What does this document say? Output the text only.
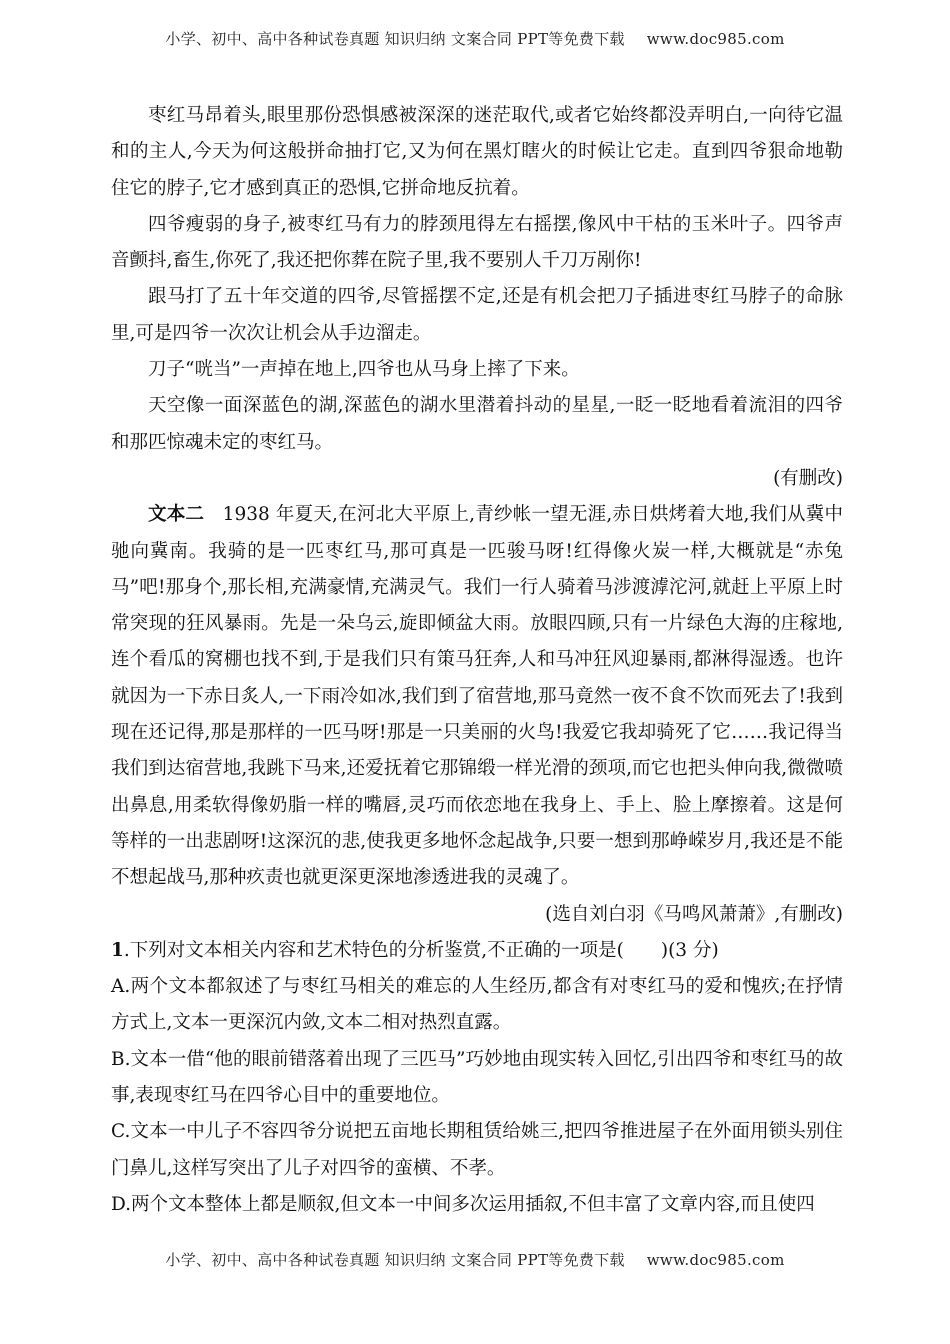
小学、初中、高中各种试卷真题 知识归纳 文案合同 PPT等免费下载 www.doc985.com

枣红马昂着头,眼里那份恐惧感被深深的迷茫取代,或者它始终都没弄明白,一向待它温和的主人,今天为何这般拼命抽打它,又为何在黑灯瞎火的时候让它走。直到四爷狠命地勒住它的脖子,它才感到真正的恐惧,它拼命地反抗着。

四爷瘦弱的身子,被枣红马有力的脖颈甩得左右摇摆,像风中干枯的玉米叶子。四爷声音颤抖,畜生,你死了,我还把你葬在院子里,我不要别人千刀万剐你!

跟马打了五十年交道的四爷,尽管摇摆不定,还是有机会把刀子插进枣红马脖子的命脉里,可是四爷一次次让机会从手边溜走。

刀子“咣当”一声掉在地上,四爷也从马身上摔了下来。

天空像一面深蓝色的湖,深蓝色的湖水里潜着抖动的星星,一眨一眨地看着流泪的四爷和那匹惊魂未定的枣红马。

(有删改)

文本二 1938 年夏天,在河北大平原上,青纱帐一望无涯,赤日烘烤着大地,我们从冀中驰向冀南。我骑的是一匹枣红马,那可真是一匹骏马呀!红得像火炭一样,大概就是“赤兔马”吧!那身个,那长相,充满豪情,充满灵气。我们一行人骑着马涉渡滹沱河,就赶上平原上时常突现的狂风暴雨。先是一朵乌云,旋即倾盆大雨。放眼四顾,只有一片绿色大海的庄稼地,连个看瓜的窝棚也找不到,于是我们只有策马狂奔,人和马冲狂风迎暴雨,都淋得湿透。也许就因为一下赤日炙人,一下雨冷如冰,我们到了宿营地,那马竟然一夜不食不饮而死去了!我到现在还记得,那是那样的一匹马呀!那是一只美丽的火鸟!我爱它我却骑死了它……我记得当我们到达宿营地,我跳下马来,还爱抚着它那锦缎一样光滑的颈项,而它也把头伸向我,微微喷出鼻息,用柔软得像奶脂一样的嘴唇,灵巧而依恋地在我身上、手上、脸上摩擦着。这是何等样的一出悲剧呀!这深沉的悲,使我更多地怀念起战争,只要一想到那峥嵘岁月,我还是不能不想起战马,那种疚责也就更深更深地渗透进我的灵魂了。

(选自刘白羽《马鸣风萧萧》,有删改)

1.下列对文本相关内容和艺术特色的分析鉴赏,不正确的一项是(　　)(3 分)

A.两个文本都叙述了与枣红马相关的难忘的人生经历,都含有对枣红马的爱和愧疚;在抒情方式上,文本一更深沉内敛,文本二相对热烈直露。

B.文本一借“他的眼前错落着出现了三匹马”巧妙地由现实转入回忆,引出四爷和枣红马的故事,表现枣红马在四爷心目中的重要地位。

C.文本一中儿子不容四爷分说把五亩地长期租赁给姚三,把四爷推进屋子在外面用锁头别住门鼻儿,这样写突出了儿子对四爷的蛮横、不孝。

D.两个文本整体上都是顺叙,但文本一中间多次运用插叙,不但丰富了文章内容,而且使四

小学、初中、高中各种试卷真题 知识归纳 文案合同 PPT等免费下载 www.doc985.com
